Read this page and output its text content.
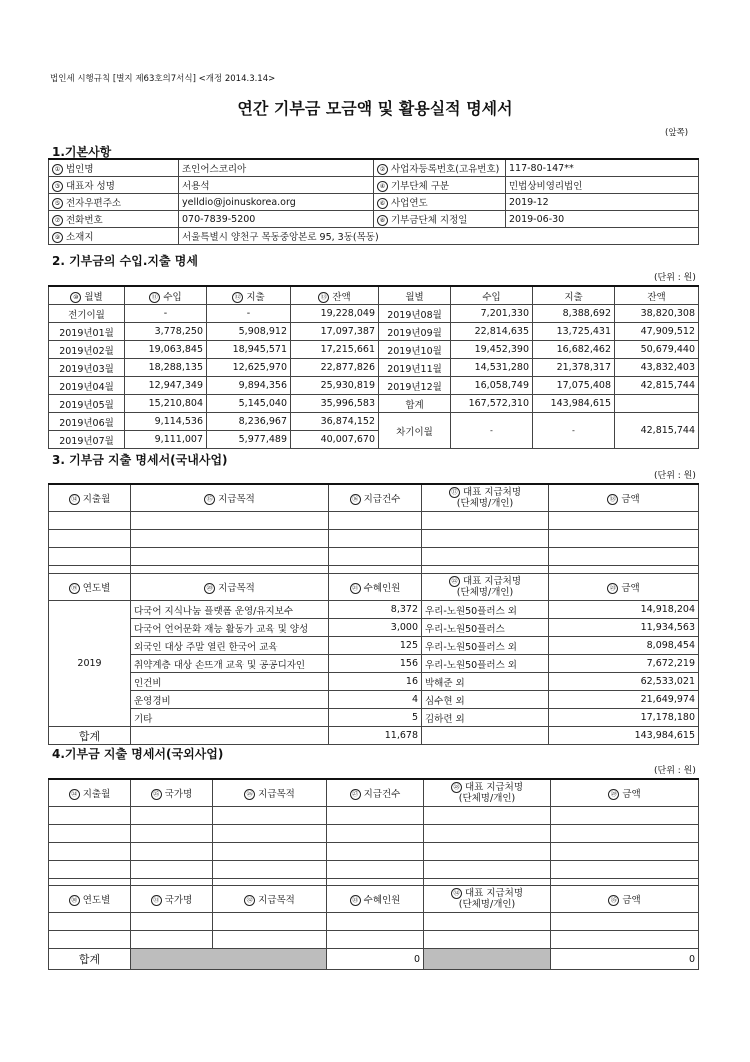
법인세 시행규칙 [별지 제63호의7서식] <개정 2014.3.14>
연간 기부금 모금액 및 활용실적 명세서
(앞쪽)
1.기본사항
① 법인명	조인어스코리아	② 사업자등록번호(고유번호)	117-80-147**
③ 대표자 성명	서용석	④ 기부단체 구분	민법상비영리법인
⑤ 전자우편주소	yelldio@joinuskorea.org	⑥ 사업연도	2019-12
⑦ 전화번호	070-7839-5200	⑧ 기부금단체 지정일	2019-06-30
⑨ 소재지	서울특별시 양천구 목동중앙본로 95, 3동(목동)		
2. 기부금의 수입.지출 명세
(단위 : 원)
⑩ 월별	⑪ 수입	⑫ 지출	⑬ 잔액	월별	수입	지출	잔액
전기이월	-	-	19,228,049	2019년08월	7,201,330	8,388,692	38,820,308
2019년01월	3,778,250	5,908,912	17,097,387	2019년09월	22,814,635	13,725,431	47,909,512
2019년02월	19,063,845	18,945,571	17,215,661	2019년10월	19,452,390	16,682,462	50,679,440
2019년03월	18,288,135	12,625,970	22,877,826	2019년11월	14,531,280	21,378,317	43,832,403
2019년04월	12,947,349	9,894,356	25,930,819	2019년12월	16,058,749	17,075,408	42,815,744
2019년05월	15,210,804	5,145,040	35,996,583	합계	167,572,310	143,984,615	
2019년06월	9,114,536	8,236,967	36,874,152	차기이월	-	-	42,815,744
2019년07월	9,111,007	5,977,489	40,007,670				
3. 기부금 지출 명세서(국내사업)
(단위 : 원)
⑭ 지출월	⑮ 지급목적	⑯ 지급건수	⑰ 대표 지급처명
(단체명/개인)	⑱ 금액

⑲ 연도별	⑳ 지급목적	㉑ 수혜인원	㉒ 대표 지급처명
(단체명/개인)	㉓ 금액
2019	다국어 지식나눔 플랫폼 운영/유지보수	8,372	우리-노원50플러스 외	14,918,204
	다국어 언어문화 재능 활동가 교육 및 양성	3,000	우리-노원50플러스	11,934,563
	외국인 대상 주말 열린 한국어 교육	125	우리-노원50플러스 외	8,098,454
	취약계층 대상 손뜨개 교육 및 공공디자인	156	우리-노원50플러스 외	7,672,219
	인건비	16	박해준 외	62,533,021
	운영경비	4	심수현 외	21,649,974
	기타	5	김하련 외	17,178,180
합계		11,678		143,984,615
4.기부금 지출 명세서(국외사업)
(단위 : 원)
㉔ 지출월	㉕ 국가명	㉖ 지급목적	㉗ 지급건수	㉘ 대표 지급처명
(단체명/개인)	㉙ 금액

㉚ 연도별	㉛ 국가명	㉜ 지급목적	㉝ 수혜인원	㉞ 대표 지급처명
(단체명/개인)	㉟ 금액

합계			0		0
